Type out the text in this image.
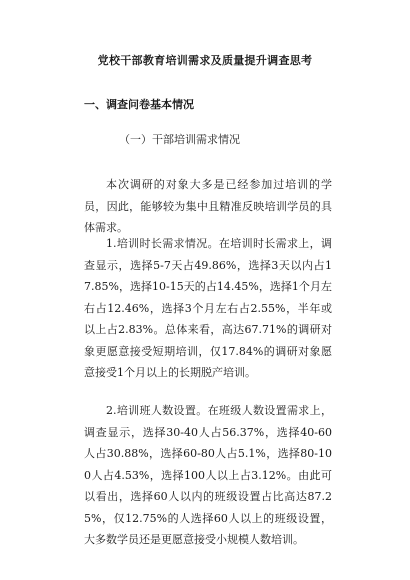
党校干部教育培训需求及质量提升调查思考
一、调查问卷基本情况
（一）干部培训需求情况

本次调研的对象大多是已经参加过培训的学员，因此，能够较为集中且精准反映培训学员的具体需求。

1.培训时长需求情况。在培训时长需求上，调查显示，选择5-7天占49.86%，选择3天以内占17.85%，选择10-15天的占14.45%，选择1个月左右占12.46%，选择3个月左右占2.55%，半年或以上占2.83%。总体来看，高达67.71%的调研对象更愿意接受短期培训，仅17.84%的调研对象愿意接受1个月以上的长期脱产培训。

2.培训班人数设置。在班级人数设置需求上，调查显示，选择30-40人占56.37%，选择40-60人占30.88%，选择60-80人占5.1%，选择80-100人占4.53%，选择100人以上占3.12%。由此可以看出，选择60人以内的班级设置占比高达87.25%，仅12.75%的人选择60人以上的班级设置，大多数学员还是更愿意接受小规模人数培训。
